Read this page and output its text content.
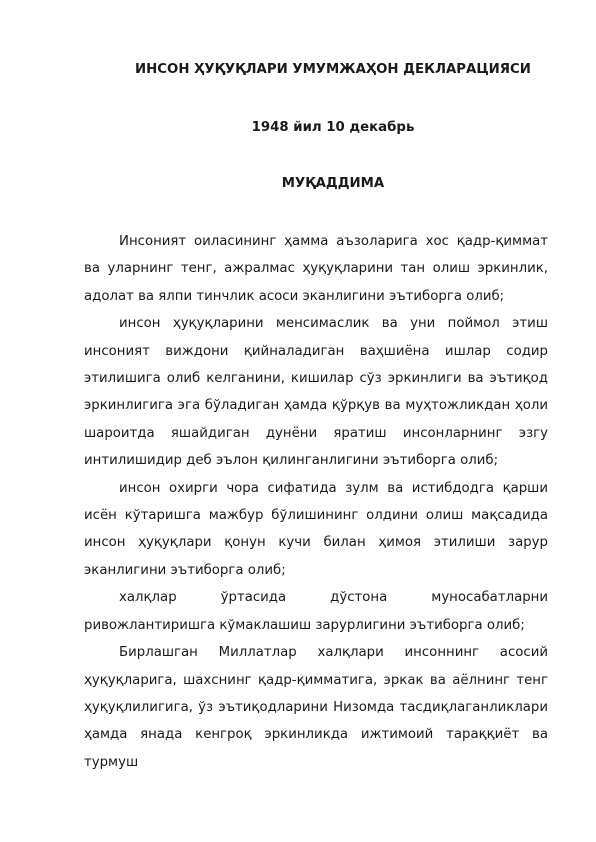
ИНСОН ҲУҚУҚЛАРИ УМУМЖАҲОН ДЕКЛАРАЦИЯСИ
1948 йил 10 декабрь
МУҚАДДИМА

Инсоният оиласининг ҳамма аъзоларига хос қадр-қиммат ва уларнинг тенг, ажралмас ҳуқуқларини тан олиш эркинлик, адолат ва ялпи тинчлик асоси эканлигини эътиборга олиб;

инсон ҳуқуқларини менсимаслик ва уни поймол этиш инсоният виждони қийналадиган ваҳшиёна ишлар содир этилишига олиб келганини, кишилар сўз эркинлиги ва эътиқод эркинлигига эга бўладиган ҳамда қўрқув ва муҳтожликдан ҳоли шароитда яшайдиган дунёни яратиш инсонларнинг эзгу интилишидир деб эълон қилинганлигини эътиборга олиб;

инсон охирги чора сифатида зулм ва истибдодга қарши исён кўтаришга мажбур бўлишининг олдини олиш мақсадида инсон ҳуқуқлари қонун кучи билан ҳимоя этилиши зарур эканлигини эътиборга олиб;

халқлар ўртасида дўстона муносабатларни ривожлантиришга кўмаклашиш зарурлигини эътиборга олиб;

Бирлашган Миллатлар халқлари инсоннинг асосий ҳуқуқларига, шахснинг қадр-қимматига, эркак ва аёлнинг тенг ҳуқуқлилигига, ўз эътиқодларини Низомда тасдиқлаганликлари ҳамда янада кенгроқ эркинликда ижтимоий тараққиёт ва турмуш
